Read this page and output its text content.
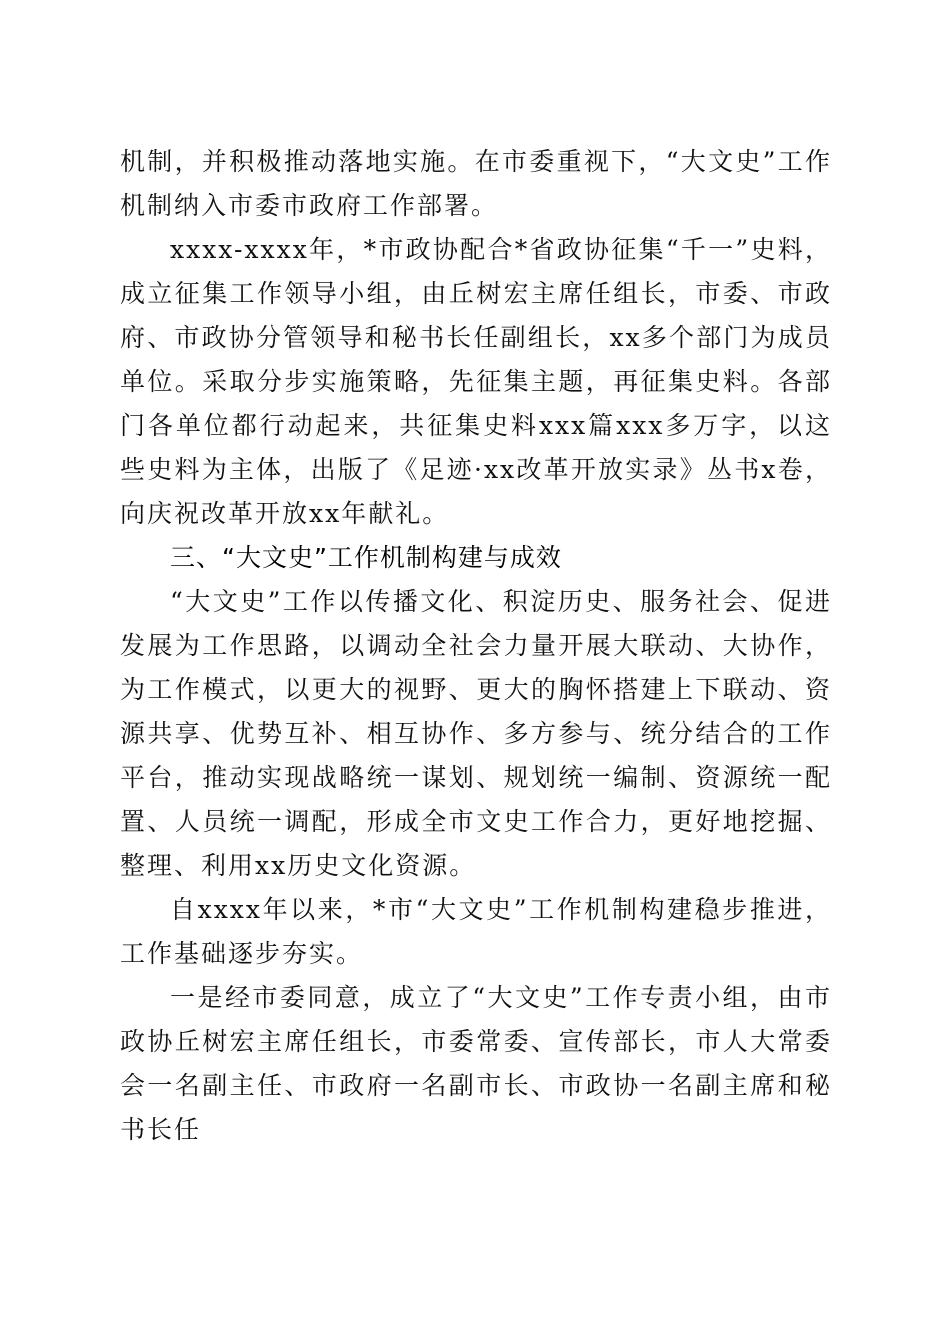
机制，并积极推动落地实施。在市委重视下，“大文史”工作机制纳入市委市政府工作部署。

xxxx-xxxx年，*市政协配合*省政协征集“千一”史料，成立征集工作领导小组，由丘树宏主席任组长，市委、市政府、市政协分管领导和秘书长任副组长，xx多个部门为成员单位。采取分步实施策略，先征集主题，再征集史料。各部门各单位都行动起来，共征集史料xxx篇xxx多万字，以这些史料为主体，出版了《足迹·xx改革开放实录》丛书x卷，向庆祝改革开放xx年献礼。

三、“大文史”工作机制构建与成效

“大文史”工作以传播文化、积淀历史、服务社会、促进发展为工作思路，以调动全社会力量开展大联动、大协作，为工作模式，以更大的视野、更大的胸怀搭建上下联动、资源共享、优势互补、相互协作、多方参与、统分结合的工作平台，推动实现战略统一谋划、规划统一编制、资源统一配置、人员统一调配，形成全市文史工作合力，更好地挖掘、整理、利用xx历史文化资源。

自xxxx年以来，*市“大文史”工作机制构建稳步推进，工作基础逐步夯实。

一是经市委同意，成立了“大文史”工作专责小组，由市政协丘树宏主席任组长，市委常委、宣传部长，市人大常委会一名副主任、市政府一名副市长、市政协一名副主席和秘书长任
